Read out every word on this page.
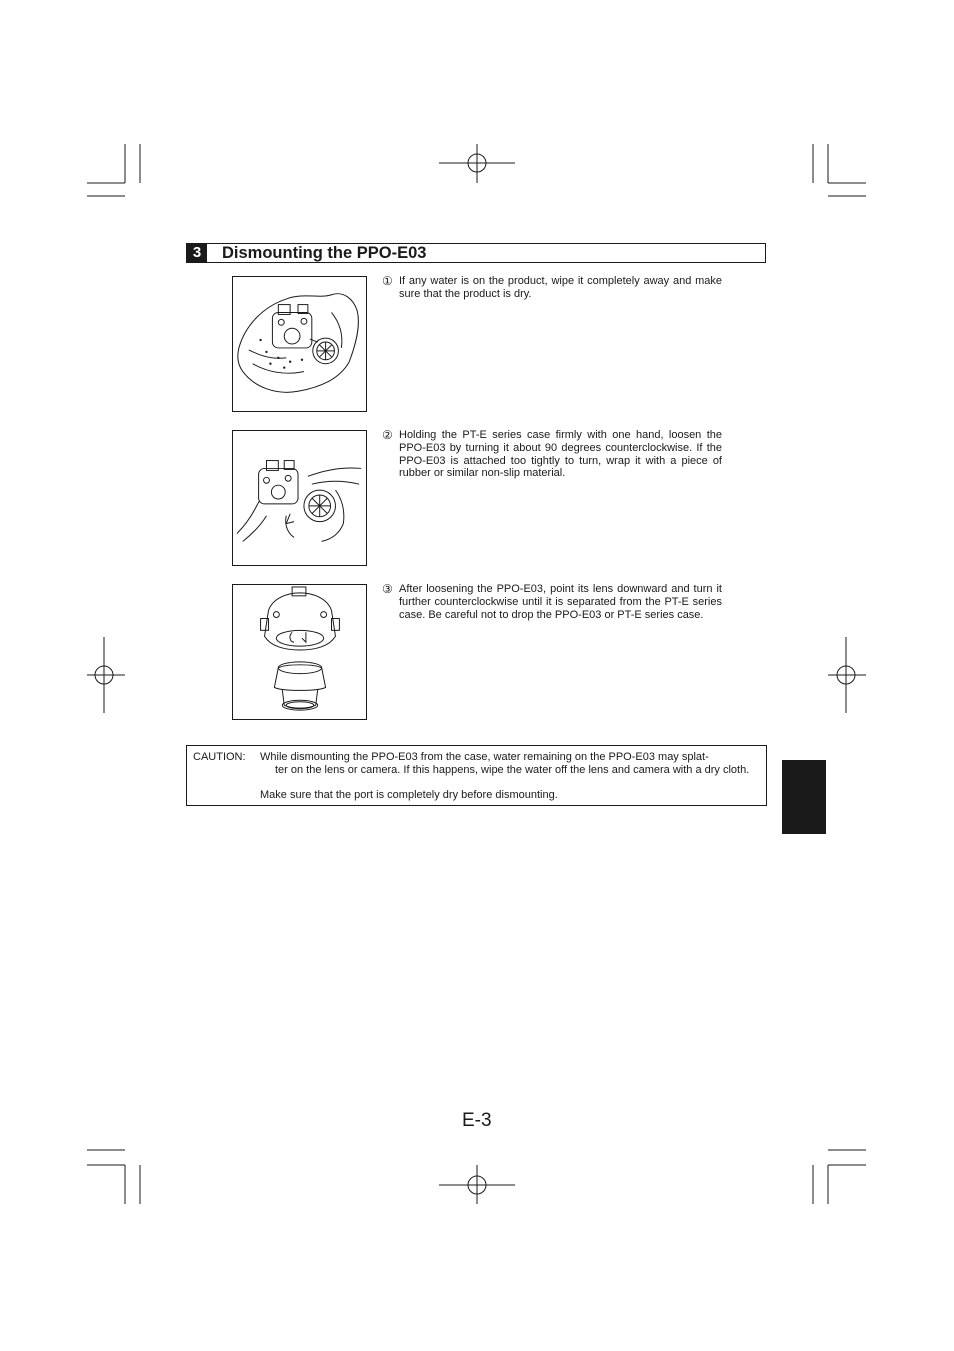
3	Dismounting the PPO-E03
① If any water is on the product, wipe it completely away and make sure that the product is dry.
② Holding the PT-E series case firmly with one hand, loosen the PPO-E03 by turning it about 90 degrees counterclockwise. If the PPO-E03 is attached too tightly to turn, wrap it with a piece of rubber or similar non-slip material.
③ After loosening the PPO-E03, point its lens downward and turn it further counterclockwise until it is separated from the PT-E series case. Be careful not to drop the PPO-E03 or PT-E series case.
CAUTION: While dismounting the PPO-E03 from the case, water remaining on the PPO-E03 may splat-
ter on the lens or camera. If this happens, wipe the water off the lens and camera with a dry cloth.
Make sure that the port is completely dry before dismounting.
E-3
